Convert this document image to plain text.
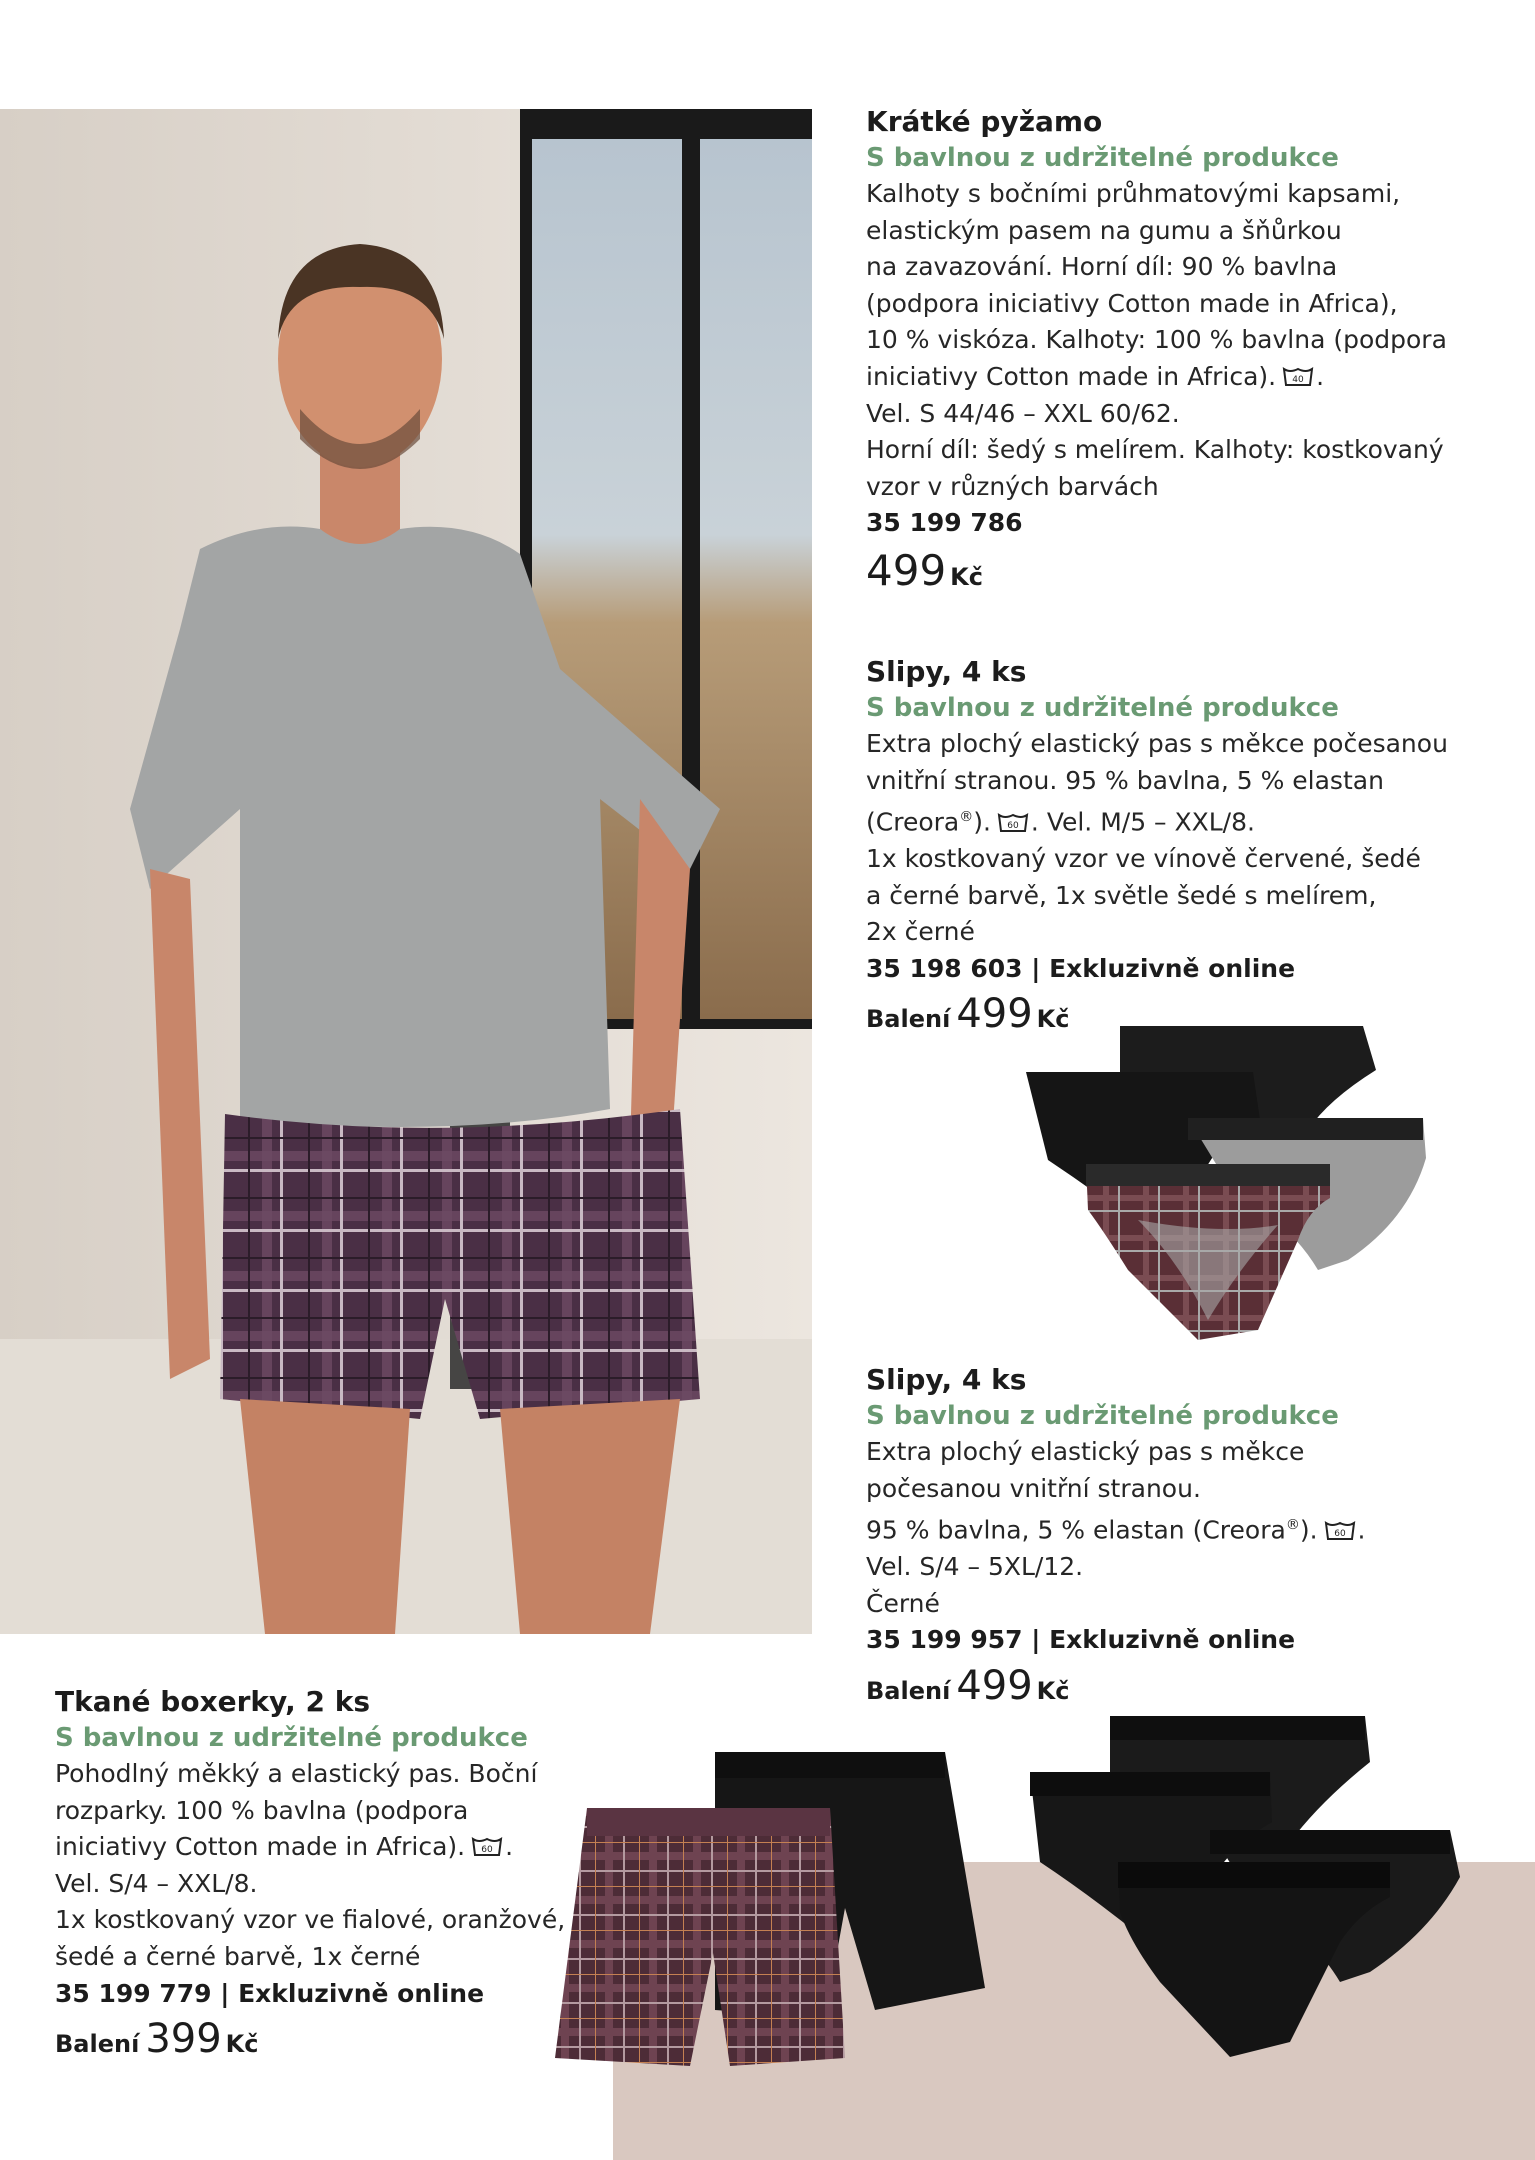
Krátké pyžamo
S bavlnou z udržitelné produkce
Kalhoty s bočními průhmatovými kapsami,
elastickým pasem na gumu a šňůrkou
na zavazování. Horní díl: 90 % bavlna
(podpora iniciativy Cotton made in Africa),
10 % viskóza. Kalhoty: 100 % bavlna (podpora
iniciativy Cotton made in Africa). 40 .
Vel. S 44/46 – XXL 60/62.
Horní díl: šedý s melírem. Kalhoty: kostkovaný
vzor v různých barvách
35 199 786
499 Kč
Slipy, 4 ks
S bavlnou z udržitelné produkce
Extra plochý elastický pas s měkce počesanou
vnitřní stranou. 95 % bavlna, 5 % elastan
(Creora®). 60 . Vel. M/5 – XXL/8.
1x kostkovaný vzor ve vínově červené, šedé
a černé barvě, 1x světle šedé s melírem,
2x černé
35 198 603 | Exkluzivně online
Balení 499 Kč
Slipy, 4 ks
S bavlnou z udržitelné produkce
Extra plochý elastický pas s měkce
počesanou vnitřní stranou.
95 % bavlna, 5 % elastan (Creora®). 60 .
Vel. S/4 – 5XL/12.
Černé
35 199 957 | Exkluzivně online
Balení 499 Kč
Tkané boxerky, 2 ks
S bavlnou z udržitelné produkce
Pohodlný měkký a elastický pas. Boční
rozparky. 100 % bavlna (podpora
iniciativy Cotton made in Africa). 60 .
Vel. S/4 – XXL/8.
1x kostkovaný vzor ve fialové, oranžové,
šedé a černé barvě, 1x černé
35 199 779 | Exkluzivně online
Balení 399 Kč
